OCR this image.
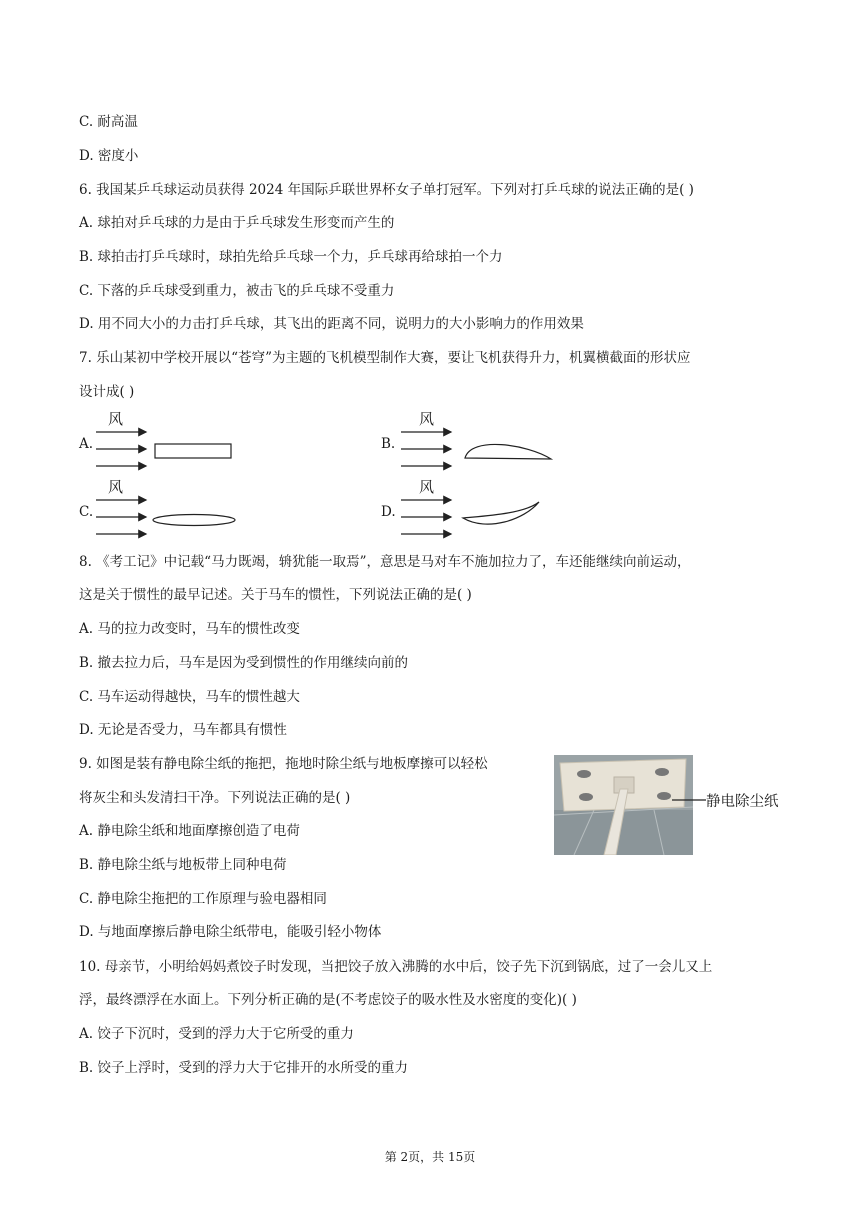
C. 耐高温
D. 密度小
6. 我国某乒乓球运动员获得 2024 年国际乒联世界杯女子单打冠军。下列对打乒乓球的说法正确的是( )
A. 球拍对乒乓球的力是由于乒乓球发生形变而产生的
B. 球拍击打乒乓球时，球拍先给乒乓球一个力，乒乓球再给球拍一个力
C. 下落的乒乓球受到重力，被击飞的乒乓球不受重力
D. 用不同大小的力击打乒乓球，其飞出的距离不同，说明力的大小影响力的作用效果
7. 乐山某初中学校开展以“苍穹”为主题的飞机模型制作大赛，要让飞机获得升力，机翼横截面的形状应
设计成( )
风
A.
风
B.
风
C.
风
D.
8. 《考工记》中记载“马力既竭，辀犹能一取焉”，意思是马对车不施加拉力了，车还能继续向前运动，
这是关于惯性的最早记述。关于马车的惯性，下列说法正确的是( )
A. 马的拉力改变时，马车的惯性改变
B. 撤去拉力后，马车是因为受到惯性的作用继续向前的
C. 马车运动得越快，马车的惯性越大
D. 无论是否受力，马车都具有惯性
9. 如图是装有静电除尘纸的拖把，拖地时除尘纸与地板摩擦可以轻松
将灰尘和头发清扫干净。下列说法正确的是( )
A. 静电除尘纸和地面摩擦创造了电荷
B. 静电除尘纸与地板带上同种电荷
C. 静电除尘拖把的工作原理与验电器相同
D. 与地面摩擦后静电除尘纸带电，能吸引轻小物体
静电除尘纸
10. 母亲节，小明给妈妈煮饺子时发现，当把饺子放入沸腾的水中后，饺子先下沉到锅底，过了一会儿又上
浮，最终漂浮在水面上。下列分析正确的是(不考虑饺子的吸水性及水密度的变化)( )
A. 饺子下沉时，受到的浮力大于它所受的重力
B. 饺子上浮时，受到的浮力大于它排开的水所受的重力
第 2页，共 15页
